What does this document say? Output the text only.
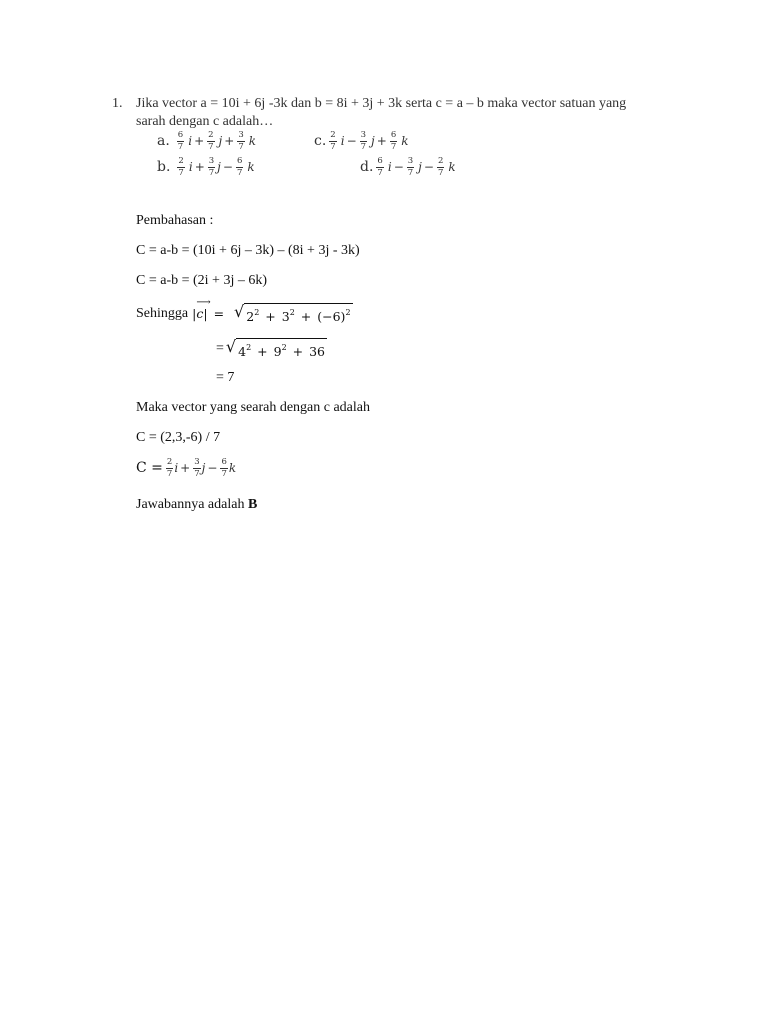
1. Jika vector a = 10i + 6j -3k dan b = 8i + 3j + 3k serta c = a – b maka vector satuan yang
sarah dengan c adalah…
a. $\frac{6}{7}$ $i + \frac{2}{7}$ $j + \frac{3}{7}$ k	c. $\frac{2}{7}$ $i - \frac{3}{7}$ $j + \frac{6}{7}$ k
b. $\frac{2}{7}$ $i + \frac{3}{7}$ $j - \frac{6}{7}$ k	d. $\frac{6}{7}$ $i - \frac{3}{7}$ $j - \frac{2}{7}$ k
Pembahasan :
C = a-b = (10i + 6j – 3k) – (8i + 3j - 3k)
C = a-b = (2i + 3j – 6k)
Sehingga |
⟶
c | = √ $2^2 + 3^2 + (-6)^2$
= √ $4^2 + 9^2 + 36$
= 7
Maka vector yang searah dengan c adalah
C = (2,3,-6) / 7
$C = \frac{2}{7}$ $i + \frac{3}{7}$ $j - \frac{6}{7}$ k
Jawabannya adalah B
